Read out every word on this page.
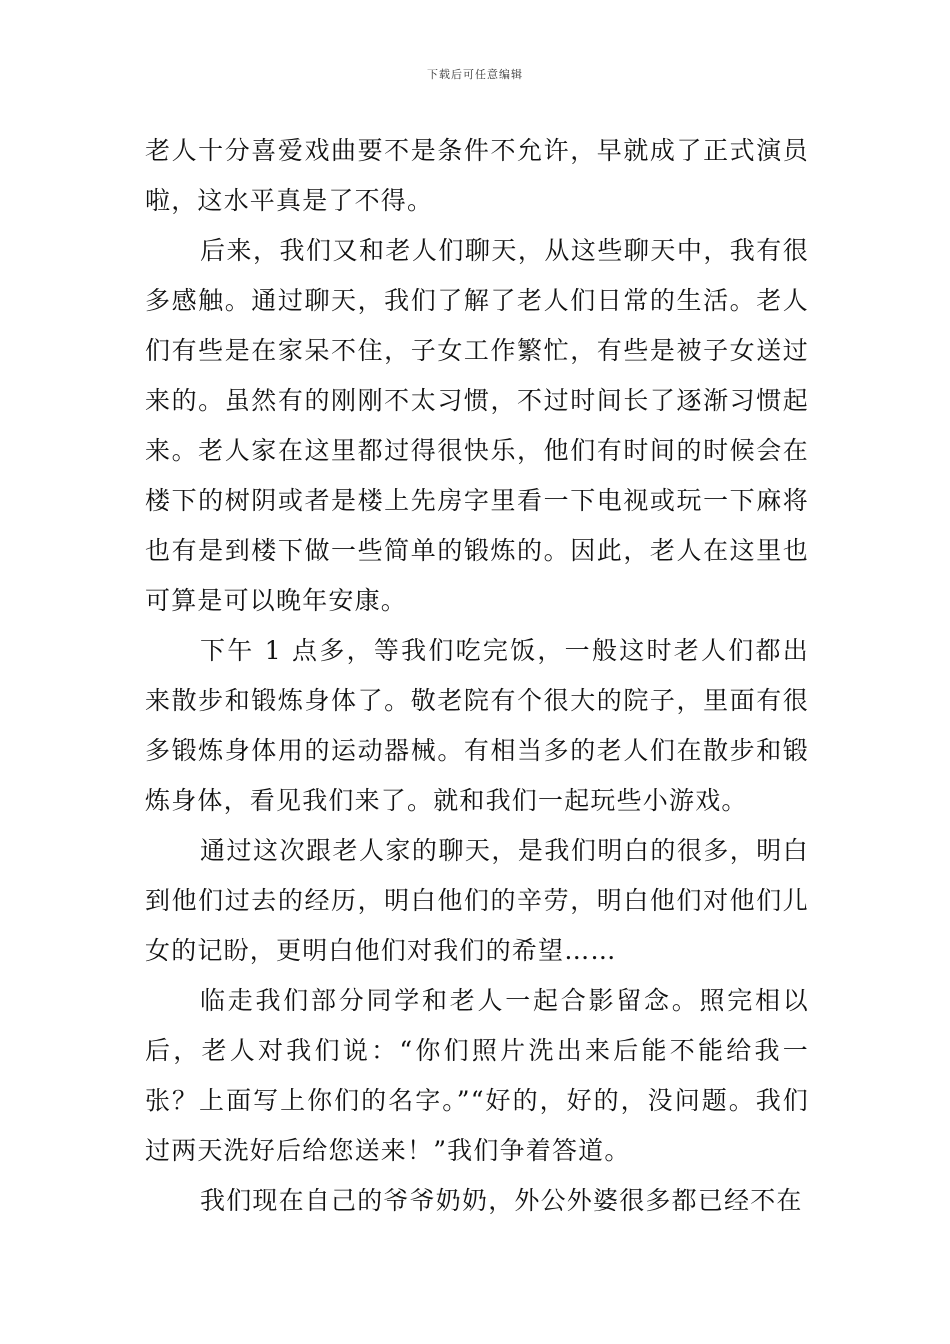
下载后可任意编辑

老人十分喜爱戏曲要不是条件不允许，早就成了正式演员啦，这水平真是了不得。

后来，我们又和老人们聊天，从这些聊天中，我有很多感触。通过聊天，我们了解了老人们日常的生活。老人们有些是在家呆不住，子女工作繁忙，有些是被子女送过来的。虽然有的刚刚不太习惯，不过时间长了逐渐习惯起来。老人家在这里都过得很快乐，他们有时间的时候会在楼下的树阴或者是楼上先房字里看一下电视或玩一下麻将也有是到楼下做一些简单的锻炼的。因此，老人在这里也可算是可以晚年安康。

下午 1 点多，等我们吃完饭，一般这时老人们都出来散步和锻炼身体了。敬老院有个很大的院子，里面有很多锻炼身体用的运动器械。有相当多的老人们在散步和锻炼身体，看见我们来了。就和我们一起玩些小游戏。

通过这次跟老人家的聊天，是我们明白的很多，明白到他们过去的经历，明白他们的辛劳，明白他们对他们儿女的记盼，更明白他们对我们的希望……

临走我们部分同学和老人一起合影留念。照完相以后，老人对我们说：“你们照片洗出来后能不能给我一张？上面写上你们的名字。”“好的，好的，没问题。我们过两天洗好后给您送来！”我们争着答道。

我们现在自己的爷爷奶奶，外公外婆很多都已经不在
